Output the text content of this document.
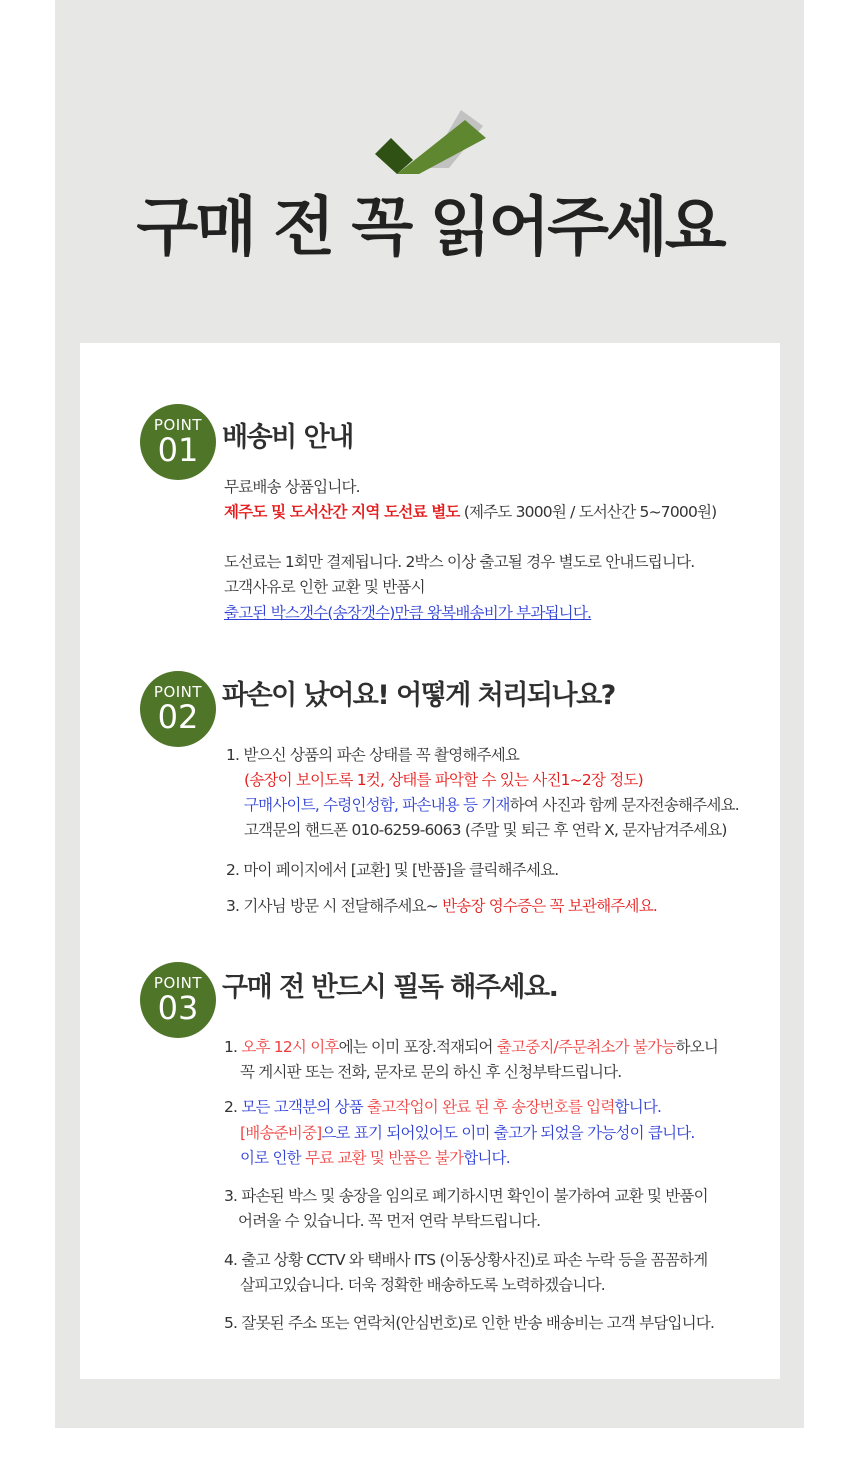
구매 전 꼭 읽어주세요
POINT
01 배송비 안내
무료배송 상품입니다.
제주도 및 도서산간 지역 도선료 별도 (제주도 3000원 / 도서산간 5~7000원)
도선료는 1회만 결제됩니다. 2박스 이상 출고될 경우 별도로 안내드립니다.
고객사유로 인한 교환 및 반품시
출고된 박스갯수(송장갯수)만큼 왕복배송비가 부과됩니다.
POINT
02
파손이 났어요! 어떻게 처리되나요?
1. 받으신 상품의 파손 상태를 꼭 촬영해주세요
(송장이 보이도록 1컷, 상태를 파악할 수 있는 사진1~2장 정도)
구매사이트, 수령인성함, 파손내용 등 기재하여 사진과 함께 문자전송해주세요.
고객문의 핸드폰 010-6259-6063 (주말 및 퇴근 후 연락 X, 문자남겨주세요)
2. 마이 페이지에서 [교환] 및 [반품]을 클릭해주세요.
3. 기사님 방문 시 전달해주세요~ 반송장 영수증은 꼭 보관해주세요.
POINT
03
구매 전 반드시 필독 해주세요.
1. 오후 12시 이후에는 이미 포장.적재되어 출고중지/주문취소가 불가능하오니
꼭 게시판 또는 전화, 문자로 문의 하신 후 신청부탁드립니다.
2. 모든 고객분의 상품 출고작업이 완료 된 후 송장번호를 입력합니다.
[배송준비중]으로 표기 되어있어도 이미 출고가 되었을 가능성이 큽니다.
이로 인한 무료 교환 및 반품은 불가합니다.
3. 파손된 박스 및 송장을 임의로 폐기하시면 확인이 불가하여 교환 및 반품이
어려울 수 있습니다. 꼭 먼저 연락 부탁드립니다.
4. 출고 상황 CCTV 와 택배사 ITS (이동상황사진)로 파손 누락 등을 꼼꼼하게
살피고있습니다. 더욱 정확한 배송하도록 노력하겠습니다.
5. 잘못된 주소 또는 연락처(안심번호)로 인한 반송 배송비는 고객 부담입니다.
